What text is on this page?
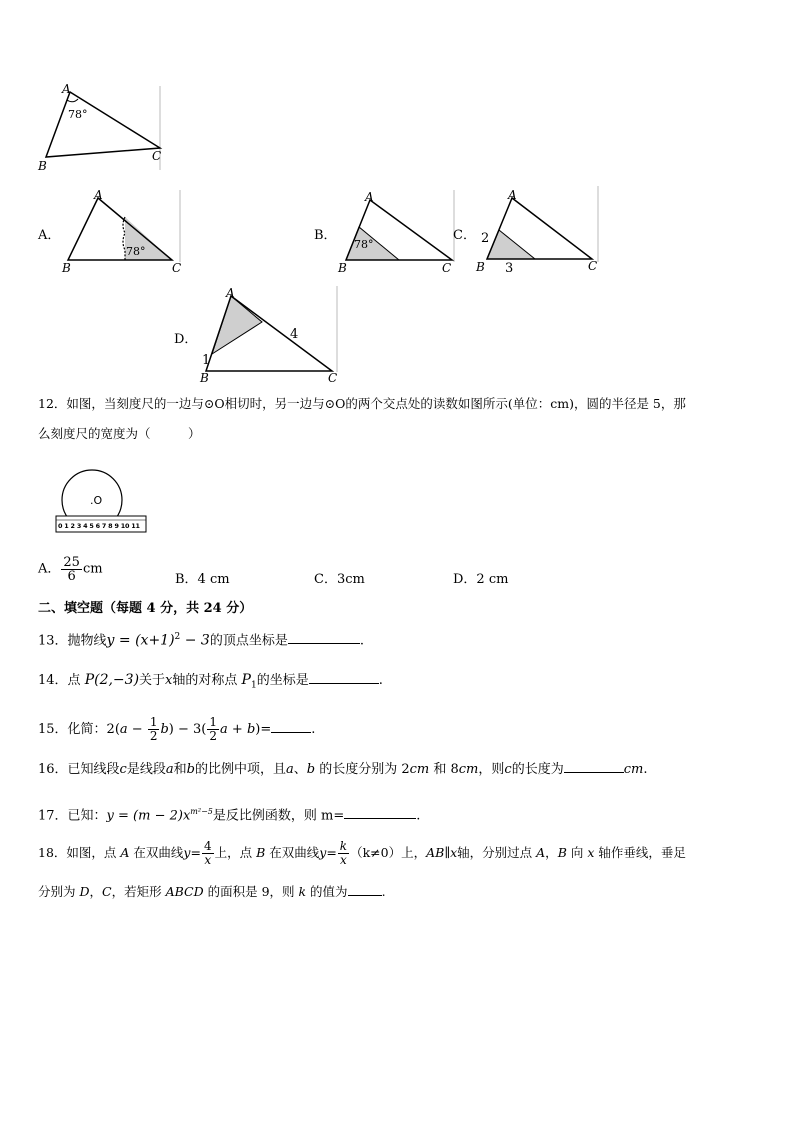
A
B
C
78°
A．
A
B	C
78°
B．
A
B	C
78°
C．
A
B	C
2
3
D．
A
B	C
1
4
12．如图，当刻度尺的一边与⊙O相切时，另一边与⊙O的两个交点处的读数如图所示(单位：cm)，圆的半径是 5，那
么刻度尺的宽度为（　　　）
.O
0 1 2 3 4 5 6 7 8 9 10 11
A． $\frac{25}{6}$ cm
B．4 cm	C．3cm	D．2 cm
二、填空题（每题 4 分，共 24 分）
13．抛物线$y = (x+1)^2 - 3$的顶点坐标是	.
14．点 P(2,−3)关于x轴的对称点 $P_1$的坐标是	.
15．化简：$2(a - \frac{1}{2} b) - 3( \frac{1}{2}$ a + b)=	.
16．已知线段c是线段a和b的比例中项，且a、b 的长度分别为 2cm 和 8cm，则c的长度为	cm.
17．已知：$y = (m - 2)x^{m^2-5}$是反比例函数，则 m=	.
18．如图，点 A 在双曲线$y= \frac{4}{x}$ 上，点 B 在双曲线$y= \frac{k}{x} (k\ne 0)$上，AB∥x轴，分别过点 A，B 向 x 轴作垂线，垂足
分别为 D，C，若矩形 ABCD 的面积是 9，则 k 的值为	.
